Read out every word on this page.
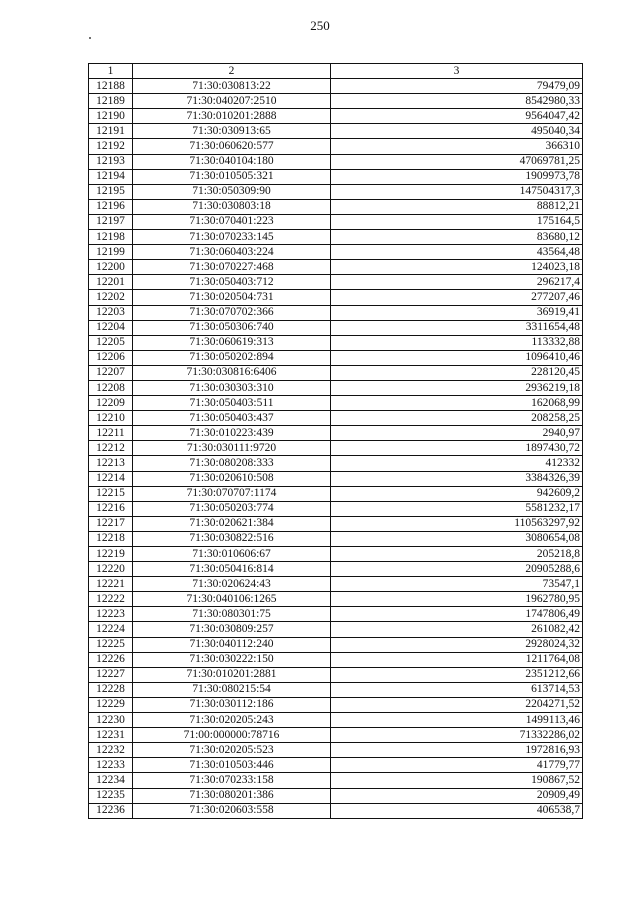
250
1	2	3
12188	71:30:030813:22	79479,09
12189	71:30:040207:2510	8542980,33
12190	71:30:010201:2888	9564047,42
12191	71:30:030913:65	495040,34
12192	71:30:060620:577	366310
12193	71:30:040104:180	47069781,25
12194	71:30:010505:321	1909973,78
12195	71:30:050309:90	147504317,3
12196	71:30:030803:18	88812,21
12197	71:30:070401:223	175164,5
12198	71:30:070233:145	83680,12
12199	71:30:060403:224	43564,48
12200	71:30:070227:468	124023,18
12201	71:30:050403:712	296217,4
12202	71:30:020504:731	277207,46
12203	71:30:070702:366	36919,41
12204	71:30:050306:740	3311654,48
12205	71:30:060619:313	113332,88
12206	71:30:050202:894	1096410,46
12207	71:30:030816:6406	228120,45
12208	71:30:030303:310	2936219,18
12209	71:30:050403:511	162068,99
12210	71:30:050403:437	208258,25
12211	71:30:010223:439	2940,97
12212	71:30:030111:9720	1897430,72
12213	71:30:080208:333	412332
12214	71:30:020610:508	3384326,39
12215	71:30:070707:1174	942609,2
12216	71:30:050203:774	5581232,17
12217	71:30:020621:384	110563297,92
12218	71:30:030822:516	3080654,08
12219	71:30:010606:67	205218,8
12220	71:30:050416:814	20905288,6
12221	71:30:020624:43	73547,1
12222	71:30:040106:1265	1962780,95
12223	71:30:080301:75	1747806,49
12224	71:30:030809:257	261082,42
12225	71:30:040112:240	2928024,32
12226	71:30:030222:150	1211764,08
12227	71:30:010201:2881	2351212,66
12228	71:30:080215:54	613714,53
12229	71:30:030112:186	2204271,52
12230	71:30:020205:243	1499113,46
12231	71:00:000000:78716	71332286,02
12232	71:30:020205:523	1972816,93
12233	71:30:010503:446	41779,77
12234	71:30:070233:158	190867,52
12235	71:30:080201:386	20909,49
12236	71:30:020603:558	406538,7
